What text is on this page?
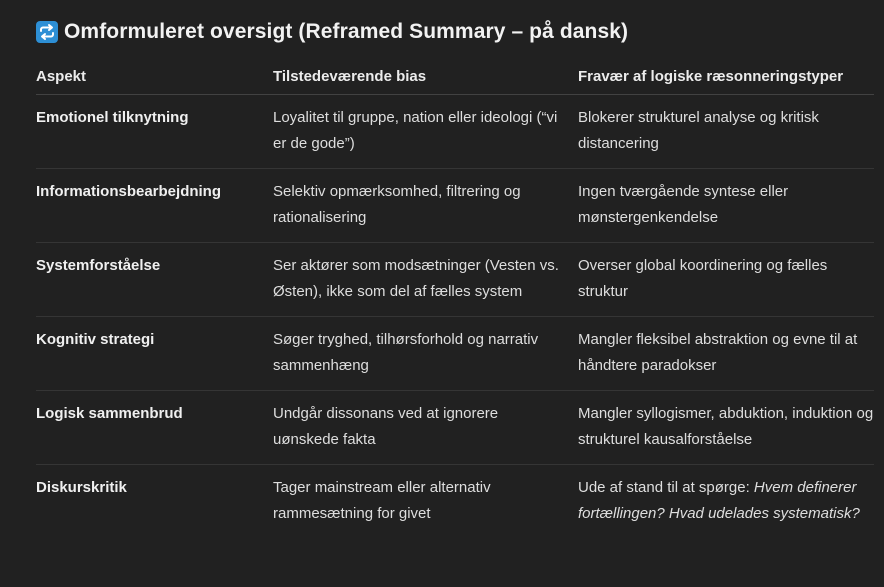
Omformuleret oversigt (Reframed Summary – på dansk)
Aspekt	Tilstedeværende bias	Fravær af logiske ræsonneringstyper

Emotionel tilknytning	Loyalitet til gruppe, nation eller ideologi (“vi er de gode”)	Blokerer strukturel analyse og kritisk distancering

Informationsbearbejdning	Selektiv opmærksomhed, filtrering og rationalisering	Ingen tværgående syntese eller mønstergenkendelse

Systemforståelse	Ser aktører som modsætninger (Vesten vs. Østen), ikke som del af fælles system	Overser global koordinering og fælles struktur

Kognitiv strategi	Søger tryghed, tilhørsforhold og narrativ sammenhæng	Mangler fleksibel abstraktion og evne til at håndtere paradokser

Logisk sammenbrud	Undgår dissonans ved at ignorere uønskede fakta	Mangler syllogismer, abduktion, induktion og strukturel kausalforståelse

Diskurskritik	Tager mainstream eller alternativ rammesætning for givet	Ude af stand til at spørge: Hvem definerer fortællingen? Hvad udelades systematisk?
